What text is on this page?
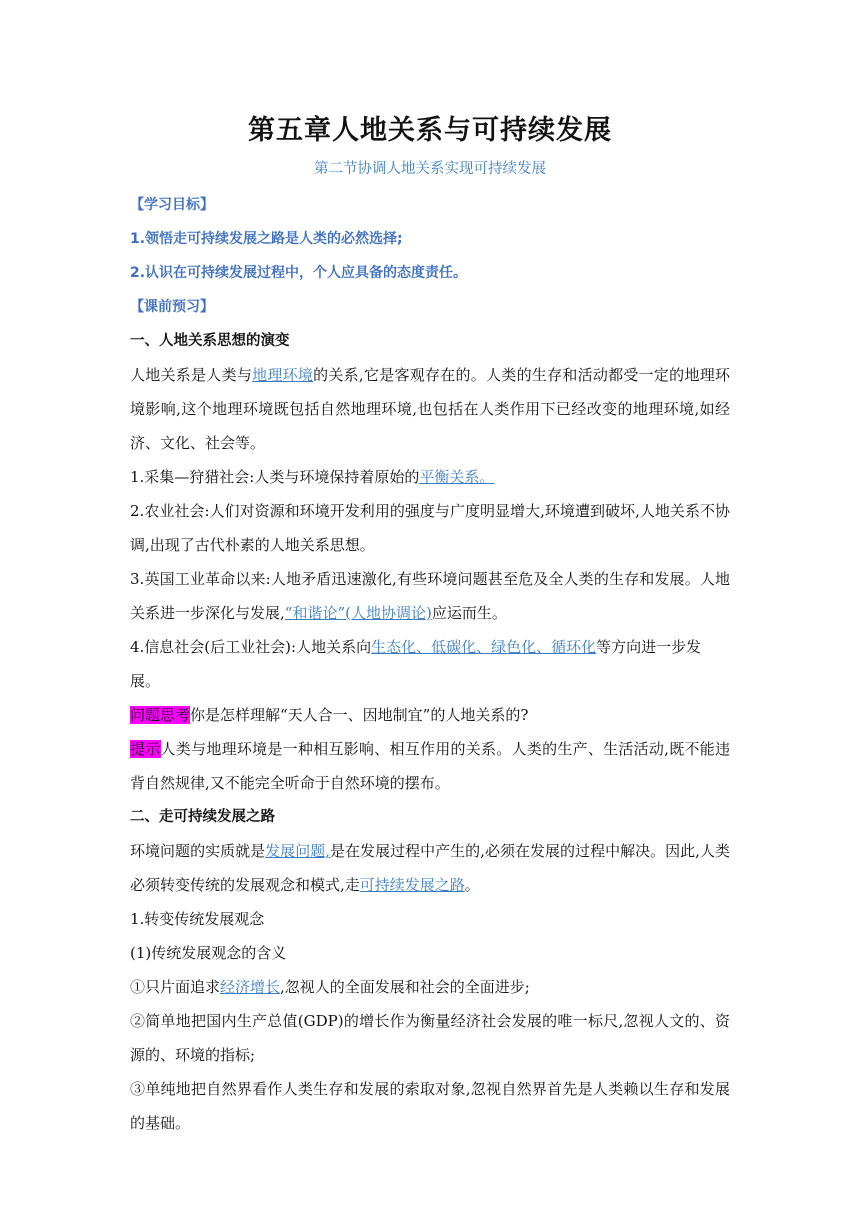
第五章人地关系与可持续发展
第二节协调人地关系实现可持续发展

【学习目标】

1.领悟走可持续发展之路是人类的必然选择;

2.认识在可持续发展过程中，个人应具备的态度责任。

【课前预习】

一、人地关系思想的演变

人地关系是人类与地理环境的关系,它是客观存在的。人类的生存和活动都受一定的地理环境影响,这个地理环境既包括自然地理环境,也包括在人类作用下已经改变的地理环境,如经济、文化、社会等。

1.采集—狩猎社会:人类与环境保持着原始的平衡关系。

2.农业社会:人们对资源和环境开发利用的强度与广度明显增大,环境遭到破坏,人地关系不协调,出现了古代朴素的人地关系思想。

3.英国工业革命以来:人地矛盾迅速激化,有些环境问题甚至危及全人类的生存和发展。人地关系进一步深化与发展,“和谐论”(人地协调论)应运而生。

4.信息社会(后工业社会):人地关系向生态化、低碳化、绿色化、循环化等方向进一步发展。

问题思考你是怎样理解“天人合一、因地制宜”的人地关系的?

提示人类与地理环境是一种相互影响、相互作用的关系。人类的生产、生活活动,既不能违背自然规律,又不能完全听命于自然环境的摆布。

二、走可持续发展之路

环境问题的实质就是发展问题,是在发展过程中产生的,必须在发展的过程中解决。因此,人类必须转变传统的发展观念和模式,走可持续发展之路。

1.转变传统发展观念

(1)传统发展观念的含义

①只片面追求经济增长,忽视人的全面发展和社会的全面进步;

②简单地把国内生产总值(GDP)的增长作为衡量经济社会发展的唯一标尺,忽视人文的、资源的、环境的指标;

③单纯地把自然界看作人类生存和发展的索取对象,忽视自然界首先是人类赖以生存和发展的基础。
